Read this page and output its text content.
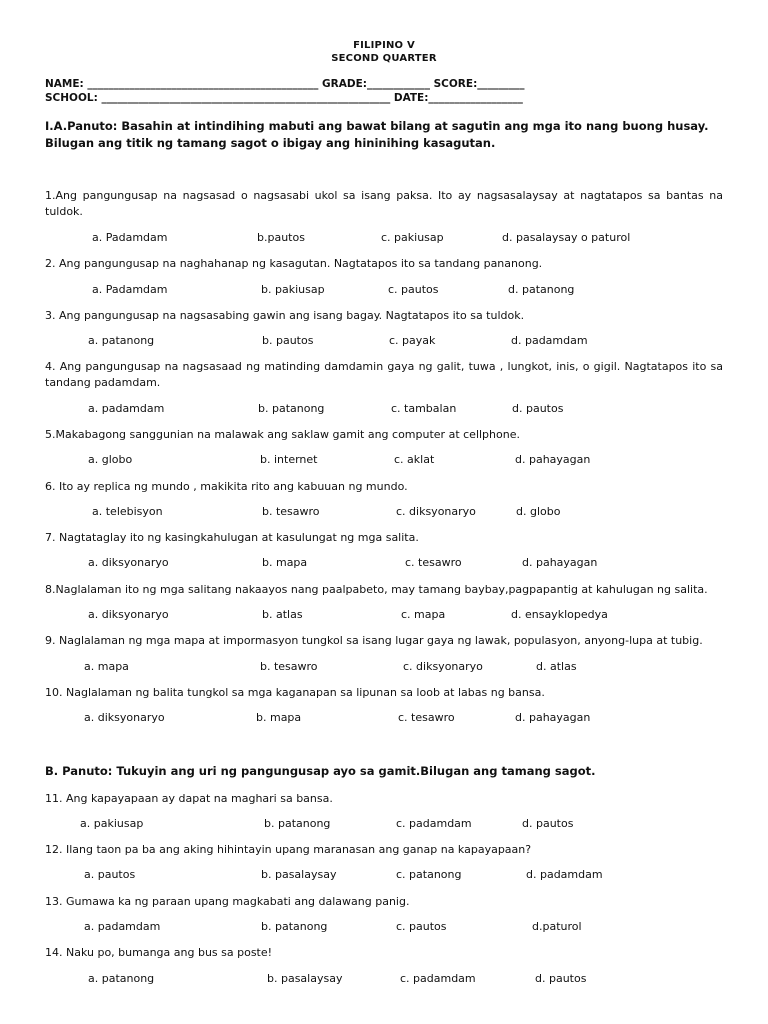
FILIPINO V
SECOND QUARTER
NAME: ____________________________________________ GRADE:____________ SCORE:_________
SCHOOL: _______________________________________________________ DATE:__________________
I.A.Panuto: Basahin at intindihing mabuti ang bawat bilang at sagutin ang mga ito nang buong husay. Bilugan ang titik ng tamang sagot o ibigay ang hininihing kasagutan.
1.Ang pangungusap na nagsasad o nagsasabi ukol sa isang paksa. Ito ay nagsasalaysay at nagtatapos sa bantas na tuldok.
a. Padamdam	b.pautos	c. pakiusap	d. pasalaysay o paturol
2. Ang pangungusap na naghahanap ng kasagutan. Nagtatapos ito sa tandang pananong.
a. Padamdam	b. pakiusap	c. pautos	d. patanong
3. Ang pangungusap na nagsasabing gawin ang isang bagay. Nagtatapos ito sa tuldok.
a. patanong	b. pautos	c. payak	d. padamdam
4. Ang pangungusap na nagsasaad ng matinding damdamin gaya ng galit, tuwa , lungkot, inis, o gigil. Nagtatapos ito sa tandang padamdam.
a. padamdam	b. patanong	c. tambalan	d. pautos
5.Makabagong sanggunian na malawak ang saklaw gamit ang computer at cellphone.
a. globo	b. internet	c. aklat	d. pahayagan
6. Ito ay replica ng mundo , makikita rito ang kabuuan ng mundo.
a. telebisyon	b. tesawro	c. diksyonaryo	d. globo
7. Nagtataglay ito ng kasingkahulugan at kasulungat ng mga salita.
a. diksyonaryo	b. mapa	c. tesawro	d. pahayagan
8.Naglalaman ito ng mga salitang nakaayos nang paalpabeto, may tamang baybay,pagpapantig at kahulugan ng salita.
a. diksyonaryo	b. atlas	c. mapa	d. ensayklopedya
9. Naglalaman ng mga mapa at impormasyon tungkol sa isang lugar gaya ng lawak, populasyon, anyong-lupa at tubig.
a. mapa	b. tesawro	c. diksyonaryo	d. atlas
10. Naglalaman ng balita tungkol sa mga kaganapan sa lipunan sa loob at labas ng bansa.
a. diksyonaryo	b. mapa	c. tesawro	d. pahayagan
B. Panuto: Tukuyin ang uri ng pangungusap ayo sa gamit.Bilugan ang tamang sagot.
11. Ang kapayapaan ay dapat na maghari sa bansa.
a. pakiusap	b. patanong	c. padamdam	d. pautos
12. Ilang taon pa ba ang aking hihintayin upang maranasan ang ganap na kapayapaan?
a. pautos	b. pasalaysay	c. patanong	d. padamdam
13. Gumawa ka ng paraan upang magkabati ang dalawang panig.
a. padamdam	b. patanong	c. pautos	d.paturol
14. Naku po, bumanga ang bus sa poste!
a. patanong	b. pasalaysay	c. padamdam	d. pautos
